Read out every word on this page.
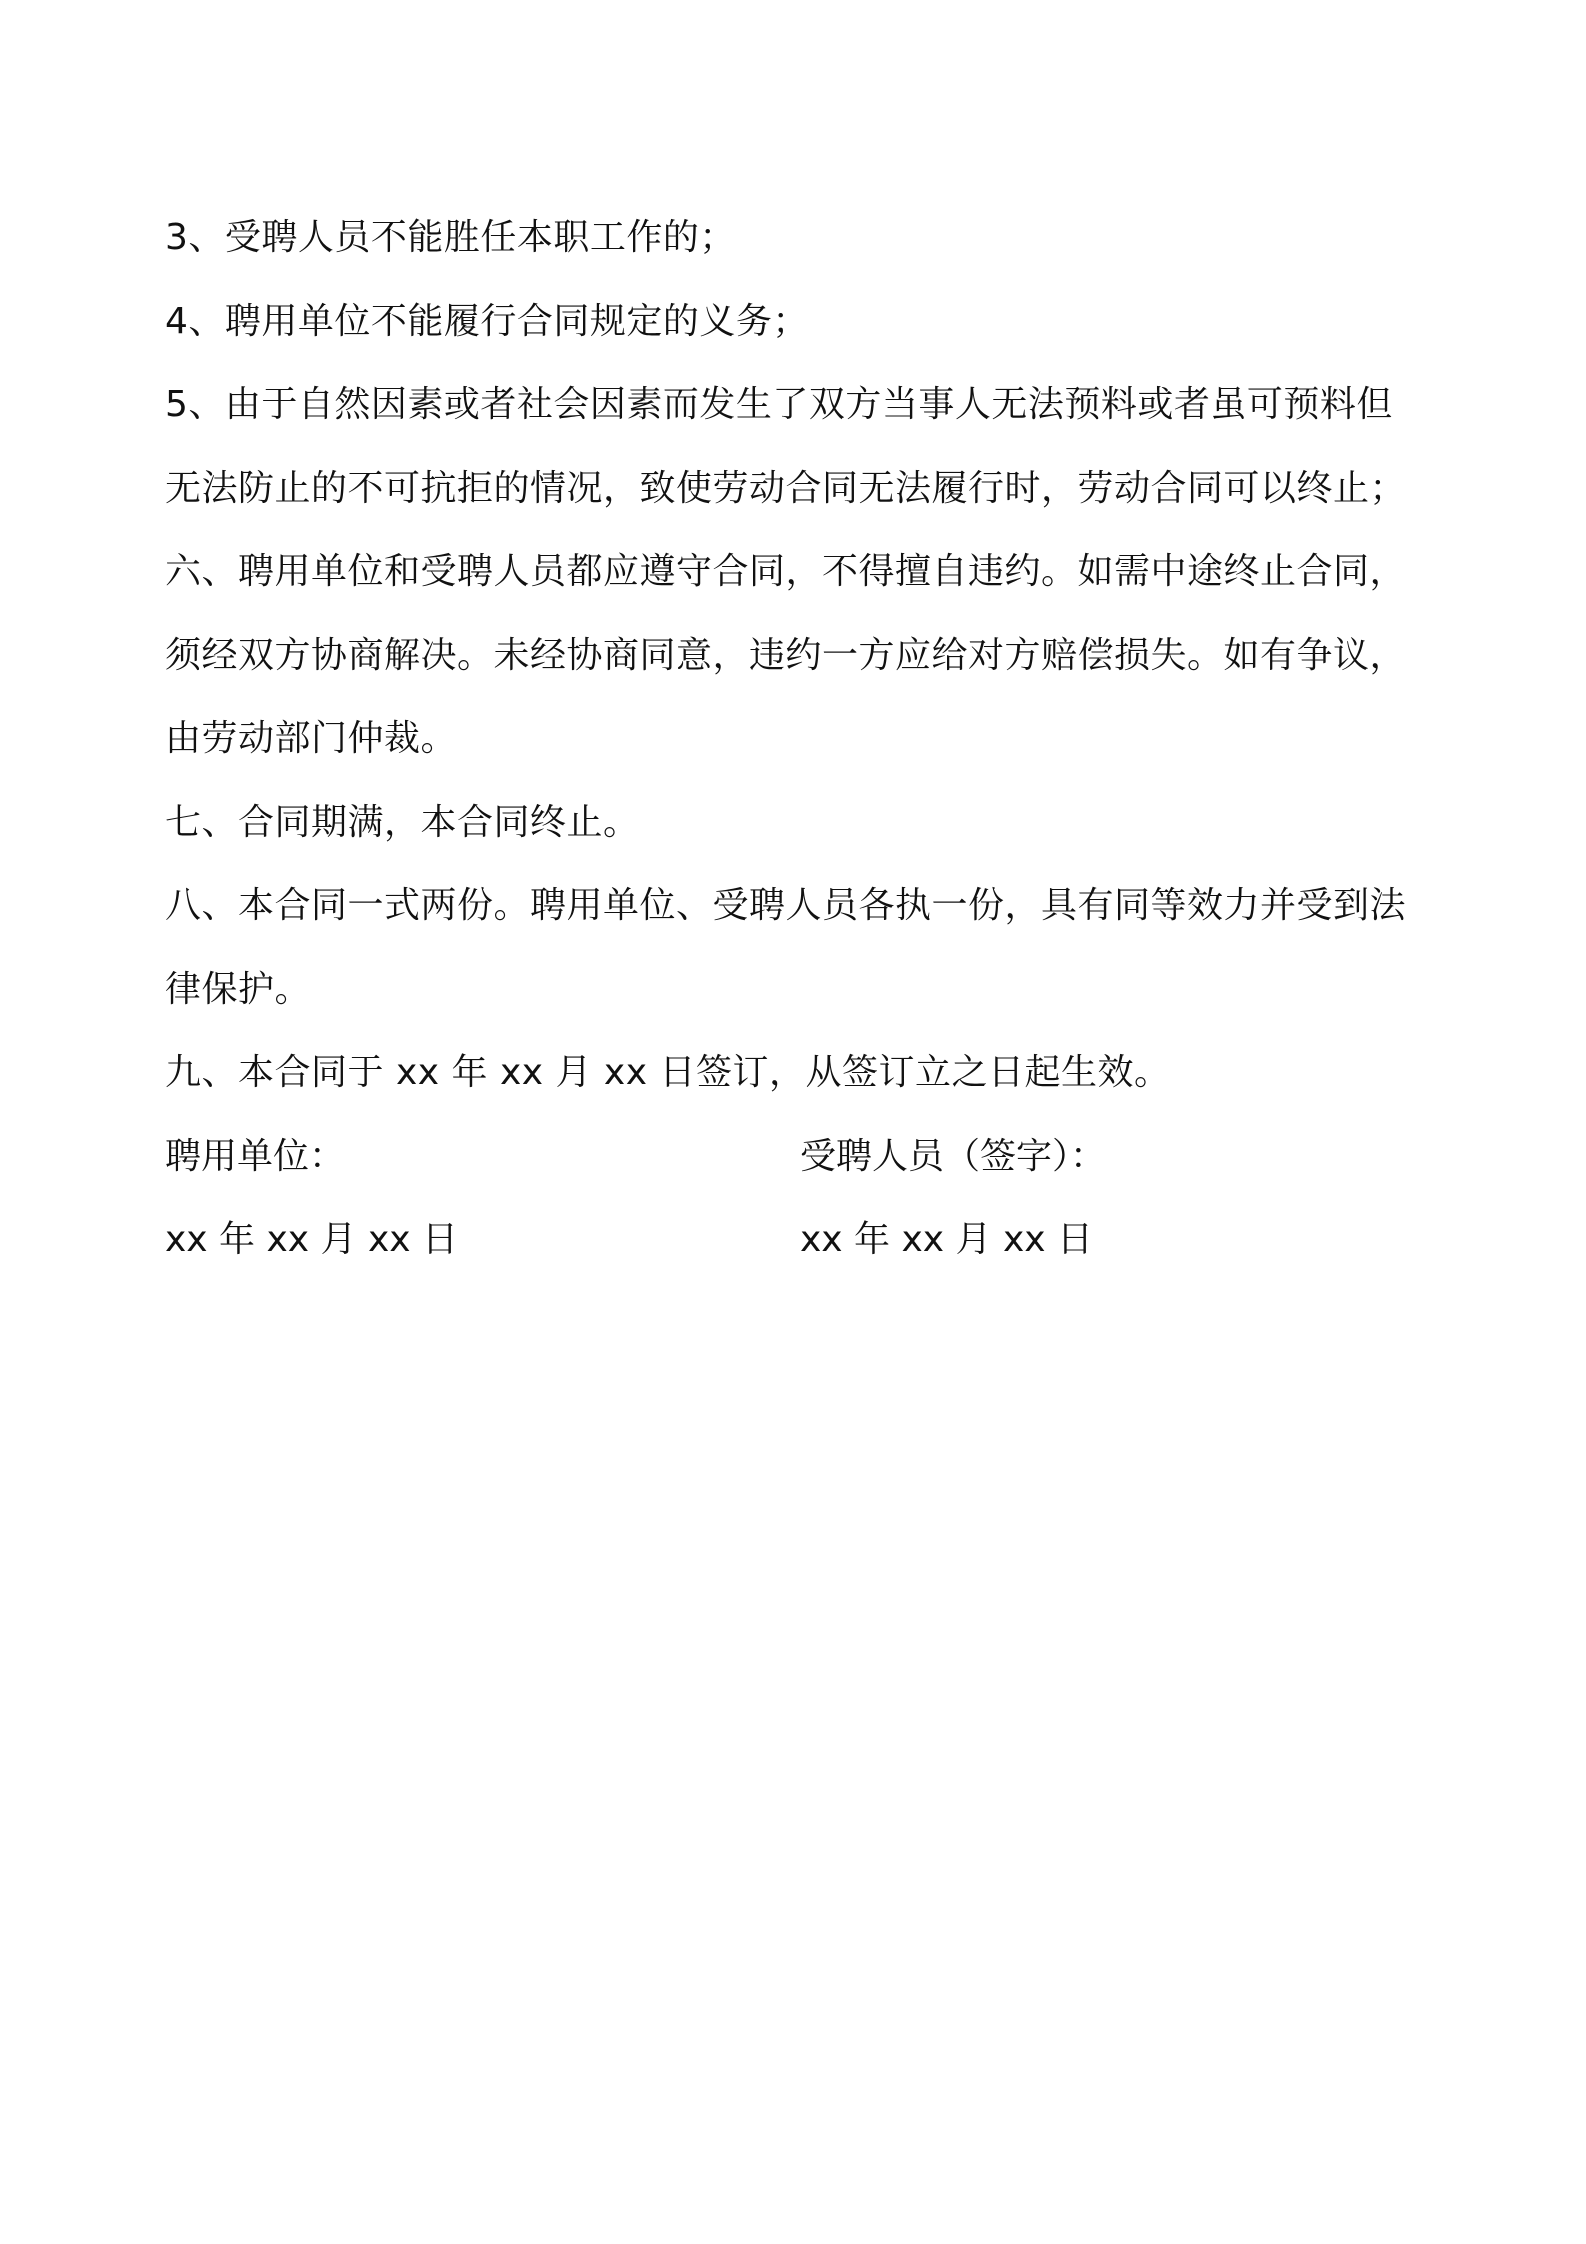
3、受聘人员不能胜任本职工作的；
4、聘用单位不能履行合同规定的义务；
5、由于自然因素或者社会因素而发生了双方当事人无法预料或者虽可预料但
无法防止的不可抗拒的情况，致使劳动合同无法履行时，劳动合同可以终止；
六、聘用单位和受聘人员都应遵守合同，不得擅自违约。如需中途终止合同，
须经双方协商解决。未经协商同意，违约一方应给对方赔偿损失。如有争议，
由劳动部门仲裁。
七、合同期满，本合同终止。
八、本合同一式两份。聘用单位、受聘人员各执一份，具有同等效力并受到法
律保护。
九、本合同于 xx 年 xx 月 xx 日签订，从签订立之日起生效。
聘用单位：	受聘人员（签字）：
xx 年 xx 月 xx 日	xx 年 xx 月 xx 日
